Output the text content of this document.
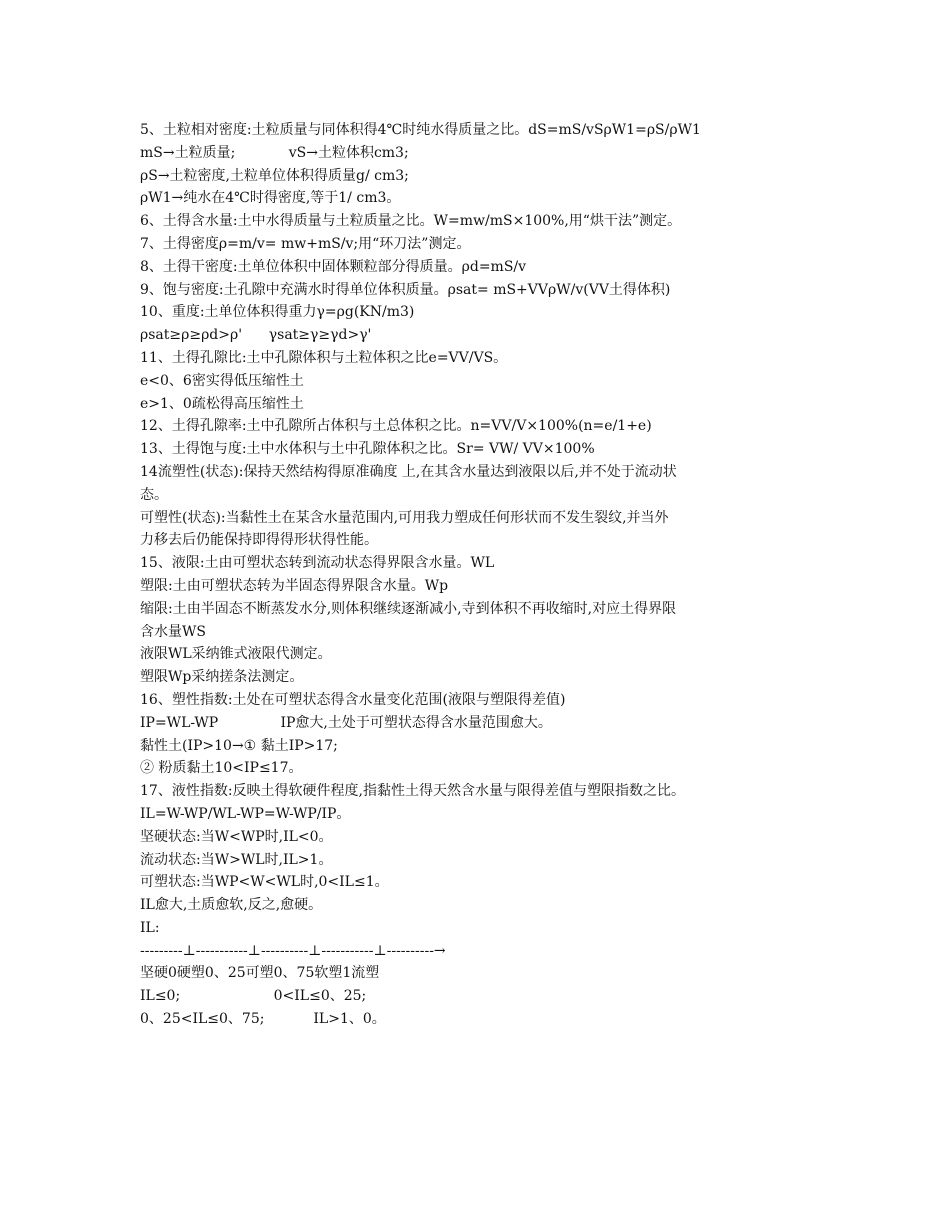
5、土粒相对密度:土粒质量与同体积得4℃时纯水得质量之比。dS=mS/vSρW1=ρS/ρW1
mS→土粒质量;            vS→土粒体积cm3;
ρS→土粒密度,土粒单位体积得质量g/ cm3;
ρW1→纯水在4℃时得密度,等于1/ cm3。
6、土得含水量:土中水得质量与土粒质量之比。W=mw/mS×100%,用“烘干法”测定。
7、土得密度ρ=m/v= mw+mS/v;用“环刀法”测定。
8、土得干密度:土单位体积中固体颗粒部分得质量。ρd=mS/v
9、饱与密度:土孔隙中充满水时得单位体积质量。ρsat= mS+VVρW/v(VV土得体积)
10、重度:土单位体积得重力γ=ρg(KN/m3)
ρsat≥ρ≥ρd>ρ'      γsat≥γ≥γd>γ'
11、土得孔隙比:土中孔隙体积与土粒体积之比e=VV/VS。
e<0、6密实得低压缩性土
e>1、0疏松得高压缩性土
12、土得孔隙率:土中孔隙所占体积与土总体积之比。n=VV/V×100%(n=e/1+e)
13、土得饱与度:土中水体积与土中孔隙体积之比。Sr= VW/ VV×100%
14流塑性(状态):保持天然结构得原准确度 上,在其含水量达到液限以后,并不处于流动状
态。
可塑性(状态):当黏性土在某含水量范围内,可用我力塑成任何形状而不发生裂纹,并当外
力移去后仍能保持即得得形状得性能。
15、液限:土由可塑状态转到流动状态得界限含水量。WL
塑限:土由可塑状态转为半固态得界限含水量。Wp
缩限:土由半固态不断蒸发水分,则体积继续逐渐减小,寺到体积不再收缩时,对应土得界限
含水量WS
液限WL采纳锥式液限代测定。
塑限Wp采纳搓条法测定。
16、塑性指数:土处在可塑状态得含水量变化范围(液限与塑限得差值)
IP=WL-WP              IP愈大,土处于可塑状态得含水量范围愈大。
黏性土(IP>10→① 黏土IP>17;
② 粉质黏土10<IP≤17。
17、液性指数:反映土得软硬件程度,指黏性土得天然含水量与限得差值与塑限指数之比。
IL=W-WP/WL-WP=W-WP/IP。
坚硬状态:当W<WP时,IL<0。
流动状态:当W>WL时,IL>1。
可塑状态:当WP<W<WL时,0<IL≤1。
IL愈大,土质愈软,反之,愈硬。
IL:
---------⊥-----------⊥----------⊥-----------⊥----------→
坚硬0硬塑0、25可塑0、75软塑1流塑
IL≤0;                     0<IL≤0、25;
0、25<IL≤0、75;           IL>1、0。
